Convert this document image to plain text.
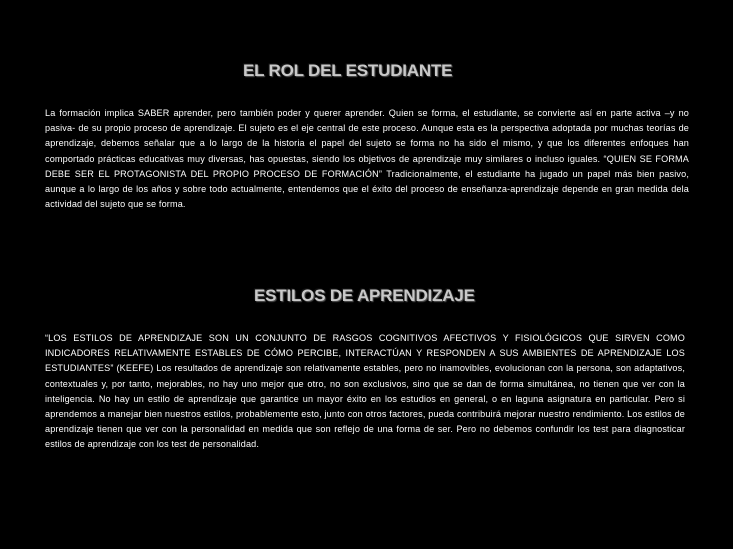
EL ROL DEL ESTUDIANTE

La formación implica SABER aprender, pero también poder y querer aprender. Quien se forma, el estudiante, se convierte así en parte activa –y no pasiva- de su propio proceso de aprendizaje. El sujeto es el eje central de este proceso. Aunque esta es la perspectiva adoptada por muchas teorías de aprendizaje, debemos señalar que a lo largo de la historia el papel del sujeto se forma no ha sido el mismo, y que los diferentes enfoques han comportado prácticas educativas muy diversas, has opuestas, siendo los objetivos de aprendizaje muy similares o incluso iguales. “QUIEN SE FORMA DEBE SER EL PROTAGONISTA DEL PROPIO PROCESO DE FORMACIÓN” Tradicionalmente, el estudiante ha jugado un papel más bien pasivo, aunque a lo largo de los años y sobre todo actualmente, entendemos que el éxito del proceso de enseñanza-aprendizaje depende en gran medida dela actividad del sujeto que se forma.

ESTILOS DE APRENDIZAJE

“LOS ESTILOS DE APRENDIZAJE SON UN CONJUNTO DE RASGOS COGNITIVOS AFECTIVOS Y FISIOLÓGICOS QUE SIRVEN COMO INDICADORES RELATIVAMENTE ESTABLES DE CÓMO PERCIBE, INTERACTÚAN Y RESPONDEN A SUS AMBIENTES DE APRENDIZAJE LOS ESTUDIANTES” (KEEFE) Los resultados de aprendizaje son relativamente estables, pero no inamovibles, evolucionan con la persona, son adaptativos, contextuales y, por tanto, mejorables, no hay uno mejor que otro, no son exclusivos, sino que se dan de forma simultánea, no tienen que ver con la inteligencia. No hay un estilo de aprendizaje que garantice un mayor éxito en los estudios en general, o en laguna asignatura en particular. Pero si aprendemos a manejar bien nuestros estilos, probablemente esto, junto con otros factores, pueda contribuirá mejorar nuestro rendimiento. Los estilos de aprendizaje tienen que ver con la personalidad en medida que son reflejo de una forma de ser. Pero no debemos confundir los test para diagnosticar estilos de aprendizaje con los test de personalidad.
